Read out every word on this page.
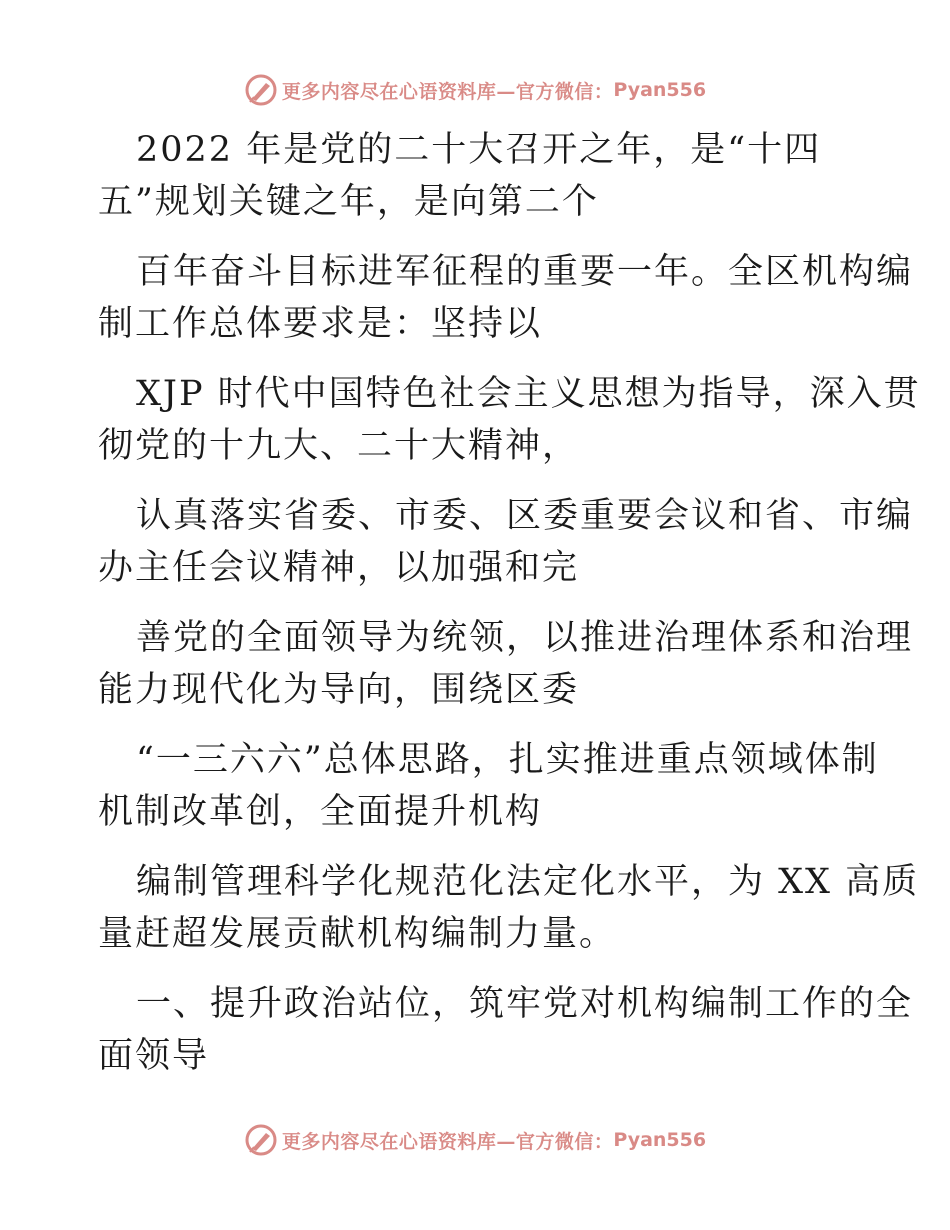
更多内容尽在心语资料库—官方微信： Pyan556
2022 年是党的二十大召开之年，是“十四
五”规划关键之年，是向第二个
百年奋斗目标进军征程的重要一年。全区机构编
制工作总体要求是：坚持以
XJP 时代中国特色社会主义思想为指导，深入贯
彻党的十九大、二十大精神，
认真落实省委、市委、区委重要会议和省、市编
办主任会议精神，以加强和完
善党的全面领导为统领，以推进治理体系和治理
能力现代化为导向，围绕区委
“一三六六”总体思路，扎实推进重点领域体制
机制改革创，全面提升机构
编制管理科学化规范化法定化水平，为 XX 高质
量赶超发展贡献机构编制力量。
一、提升政治站位，筑牢党对机构编制工作的全
面领导
更多内容尽在心语资料库—官方微信： Pyan556
